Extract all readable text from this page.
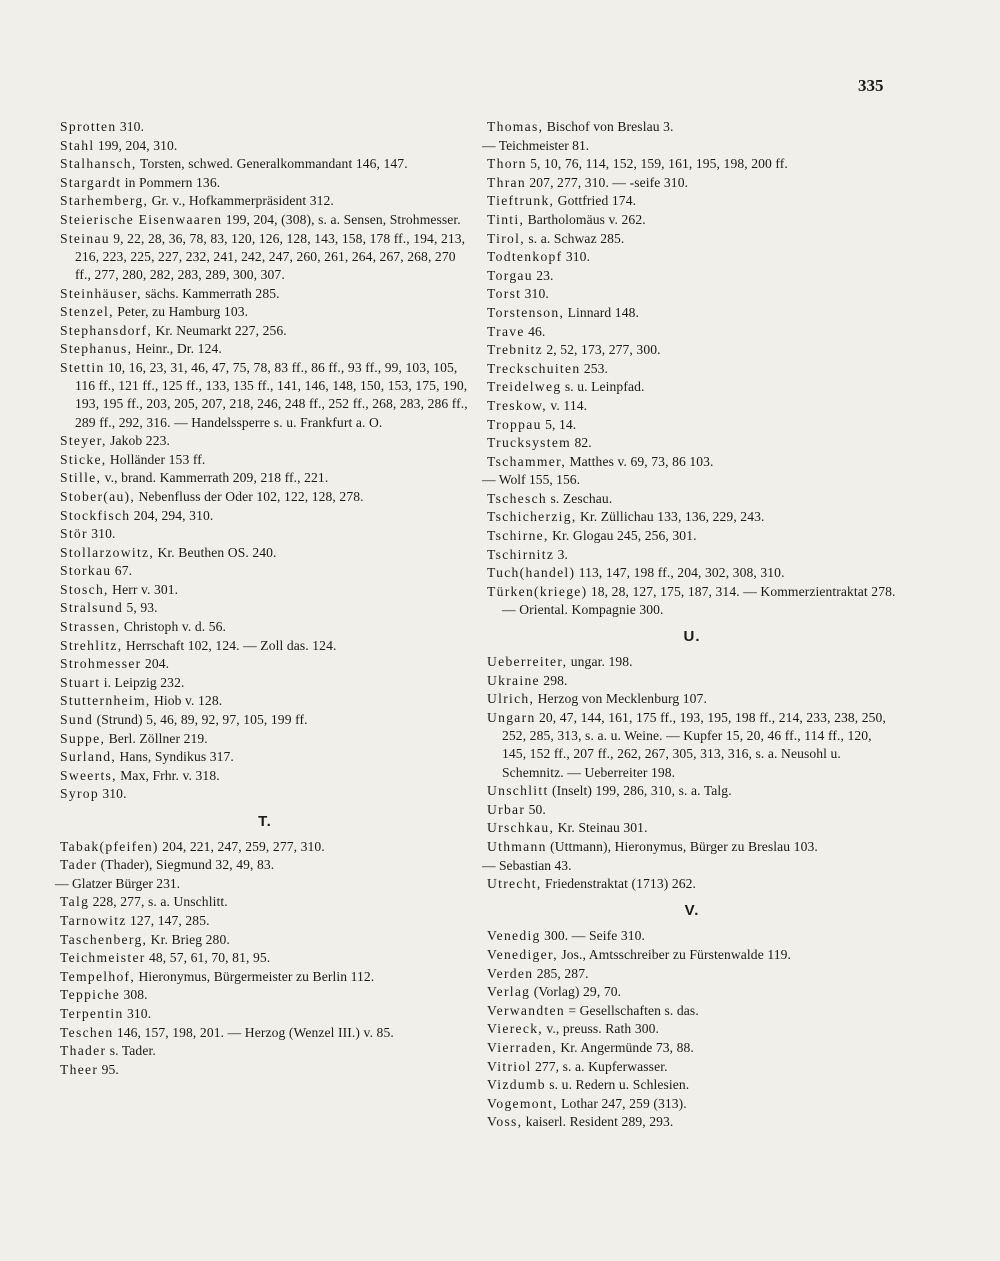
335
Sprotten 310.
Stahl 199, 204, 310.
Stalhansch, Torsten, schwed. Generalkommandant 146, 147.
Stargardt in Pommern 136.
Starhemberg, Gr. v., Hofkammerpräsident 312.
Steierische Eisenwaaren 199, 204, (308), s. a. Sensen, Strohmesser.
Steinau 9, 22, 28, 36, 78, 83, 120, 126, 128, 143, 158, 178 ff., 194, 213, 216, 223, 225, 227, 232, 241, 242, 247, 260, 261, 264, 267, 268, 270 ff., 277, 280, 282, 283, 289, 300, 307.
Steinhäuser, sächs. Kammerrath 285.
Stenzel, Peter, zu Hamburg 103.
Stephansdorf, Kr. Neumarkt 227, 256.
Stephanus, Heinr., Dr. 124.
Stettin 10, 16, 23, 31, 46, 47, 75, 78, 83 ff., 86 ff., 93 ff., 99, 103, 105, 116 ff., 121 ff., 125 ff., 133, 135 ff., 141, 146, 148, 150, 153, 175, 190, 193, 195 ff., 203, 205, 207, 218, 246, 248 ff., 252 ff., 268, 283, 286 ff., 289 ff., 292, 316. — Handelssperre s. u. Frankfurt a. O.
Steyer, Jakob 223.
Sticke, Holländer 153 ff.
Stille, v., brand. Kammerrath 209, 218 ff., 221.
Stober(au), Nebenfluss der Oder 102, 122, 128, 278.
Stockfisch 204, 294, 310.
Stör 310.
Stollarzowitz, Kr. Beuthen OS. 240.
Storkau 67.
Stosch, Herr v. 301.
Stralsund 5, 93.
Strassen, Christoph v. d. 56.
Strehlitz, Herrschaft 102, 124. — Zoll das. 124.
Strohmesser 204.
Stuart i. Leipzig 232.
Stutternheim, Hiob v. 128.
Sund (Strund) 5, 46, 89, 92, 97, 105, 199 ff.
Suppe, Berl. Zöllner 219.
Surland, Hans, Syndikus 317.
Sweerts, Max, Frhr. v. 318.
Syrop 310.
T.
Tabak(pfeifen) 204, 221, 247, 259, 277, 310.
Tader (Thader), Siegmund 32, 49, 83.
— Glatzer Bürger 231.
Talg 228, 277, s. a. Unschlitt.
Tarnowitz 127, 147, 285.
Taschenberg, Kr. Brieg 280.
Teichmeister 48, 57, 61, 70, 81, 95.
Tempelhof, Hieronymus, Bürgermeister zu Berlin 112.
Teppiche 308.
Terpentin 310.
Teschen 146, 157, 198, 201. — Herzog (Wenzel III.) v. 85.
Thader s. Tader.
Theer 95.
Thomas, Bischof von Breslau 3.
— Teichmeister 81.
Thorn 5, 10, 76, 114, 152, 159, 161, 195, 198, 200 ff.
Thran 207, 277, 310. — -seife 310.
Tieftrunk, Gottfried 174.
Tinti, Bartholomäus v. 262.
Tirol, s. a. Schwaz 285.
Todtenkopf 310.
Torgau 23.
Torst 310.
Torstenson, Linnard 148.
Trave 46.
Trebnitz 2, 52, 173, 277, 300.
Treckschuiten 253.
Treidelweg s. u. Leinpfad.
Treskow, v. 114.
Troppau 5, 14.
Trucksystem 82.
Tschammer, Matthes v. 69, 73, 86 103.
— Wolf 155, 156.
Tschesch s. Zeschau.
Tschicherzig, Kr. Züllichau 133, 136, 229, 243.
Tschirne, Kr. Glogau 245, 256, 301.
Tschirnitz 3.
Tuch(handel) 113, 147, 198 ff., 204, 302, 308, 310.
Türken(kriege) 18, 28, 127, 175, 187, 314. — Kommerzientraktat 278. — Oriental. Kompagnie 300.
U.
Ueberreiter, ungar. 198.
Ukraine 298.
Ulrich, Herzog von Mecklenburg 107.
Ungarn 20, 47, 144, 161, 175 ff., 193, 195, 198 ff., 214, 233, 238, 250, 252, 285, 313, s. a. u. Weine. — Kupfer 15, 20, 46 ff., 114 ff., 120, 145, 152 ff., 207 ff., 262, 267, 305, 313, 316, s. a. Neusohl u. Schemnitz. — Ueberreiter 198.
Unschlitt (Inselt) 199, 286, 310, s. a. Talg.
Urbar 50.
Urschkau, Kr. Steinau 301.
Uthmann (Uttmann), Hieronymus, Bürger zu Breslau 103.
— Sebastian 43.
Utrecht, Friedenstraktat (1713) 262.
V.
Venedig 300. — Seife 310.
Venediger, Jos., Amtsschreiber zu Fürstenwalde 119.
Verden 285, 287.
Verlag (Vorlag) 29, 70.
Verwandten = Gesellschaften s. das.
Viereck, v., preuss. Rath 300.
Vierraden, Kr. Angermünde 73, 88.
Vitriol 277, s. a. Kupferwasser.
Vizdumb s. u. Redern u. Schlesien.
Vogemont, Lothar 247, 259 (313).
Voss, kaiserl. Resident 289, 293.
